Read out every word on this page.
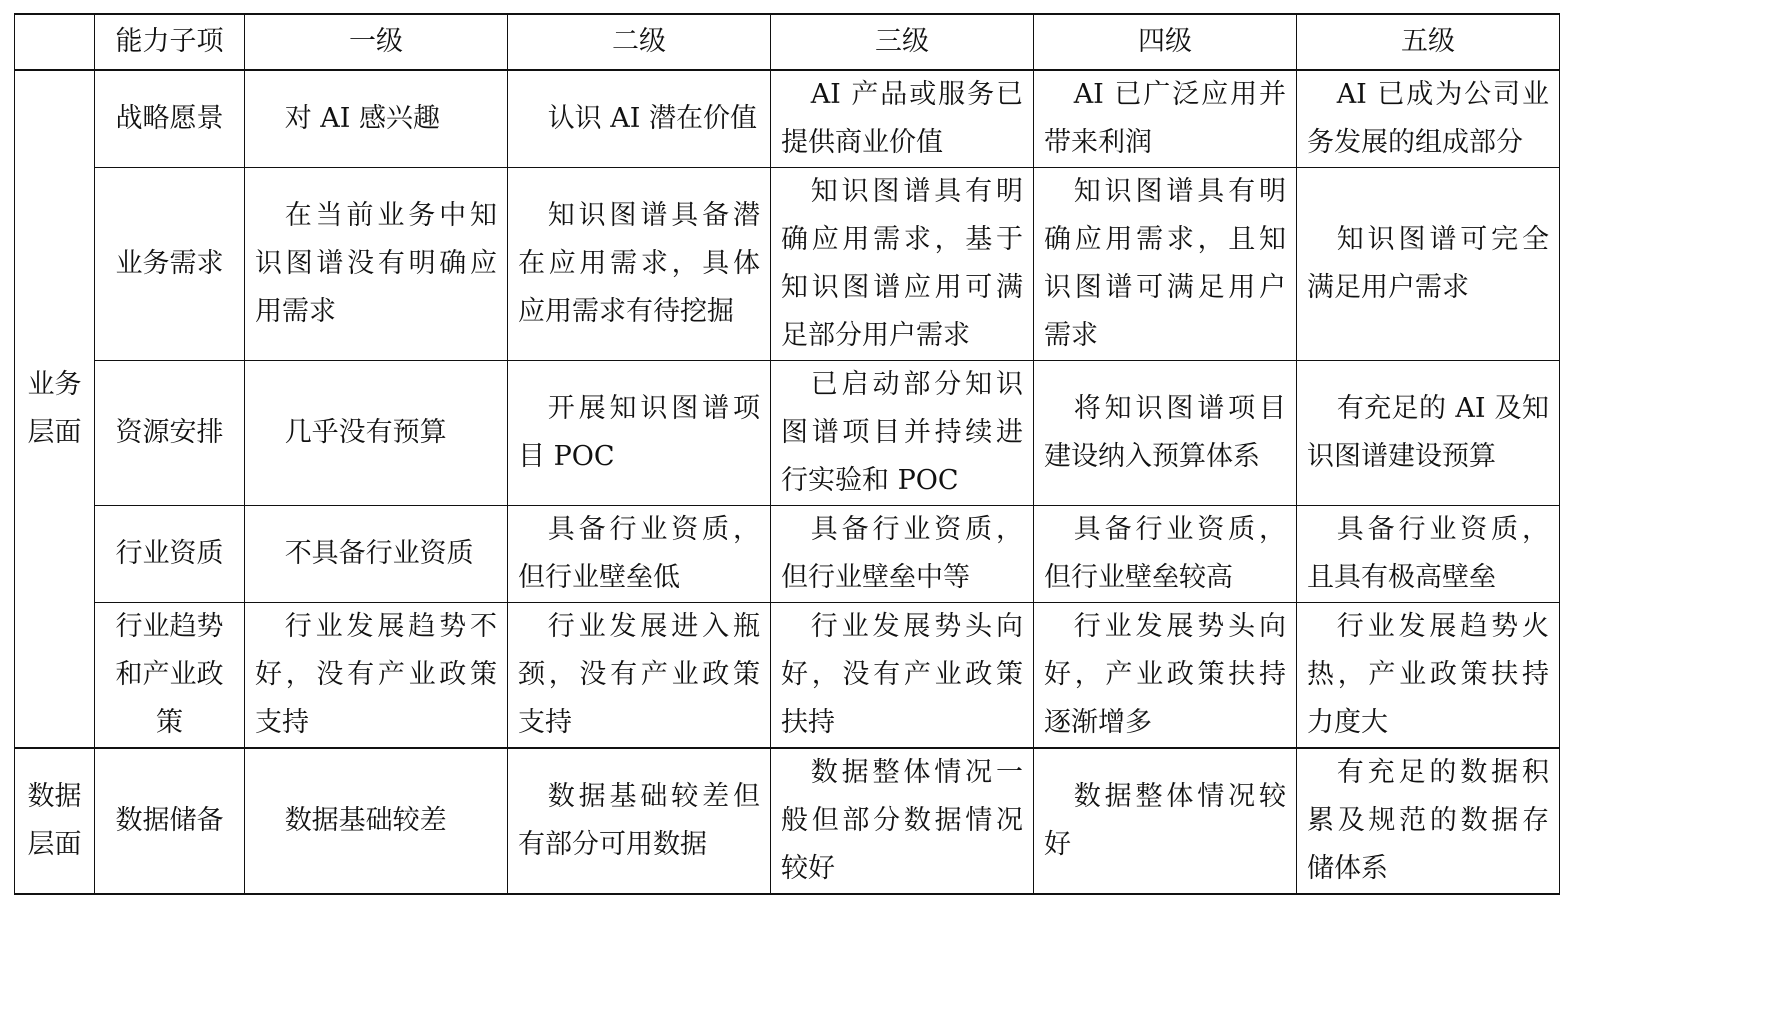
	能力子项	一级	二级	三级	四级	五级
业务层面	战略愿景	对 AI 感兴趣	认识 AI 潜在价值	AI 产品或服务已提供商业价值	AI 已广泛应用并带来利润	AI 已成为公司业务发展的组成部分
	业务需求	在当前业务中知识图谱没有明确应用需求	知识图谱具备潜在应用需求，具体应用需求有待挖掘	知识图谱具有明确应用需求，基于知识图谱应用可满足部分用户需求	知识图谱具有明确应用需求，且知识图谱可满足用户需求	知识图谱可完全满足用户需求
	资源安排	几乎没有预算	开展知识图谱项目 POC	已启动部分知识图谱项目并持续进行实验和 POC	将知识图谱项目建设纳入预算体系	有充足的 AI 及知识图谱建设预算
	行业资质	不具备行业资质	具备行业资质，但行业壁垒低	具备行业资质，但行业壁垒中等	具备行业资质，但行业壁垒较高	具备行业资质，且具有极高壁垒
	行业趋势和产业政策	行业发展趋势不好，没有产业政策支持	行业发展进入瓶颈，没有产业政策支持	行业发展势头向好，没有产业政策扶持	行业发展势头向好，产业政策扶持逐渐增多	行业发展趋势火热，产业政策扶持力度大
数据层面	数据储备	数据基础较差	数据基础较差但有部分可用数据	数据整体情况一般但部分数据情况较好	数据整体情况较好	有充足的数据积累及规范的数据存储体系
